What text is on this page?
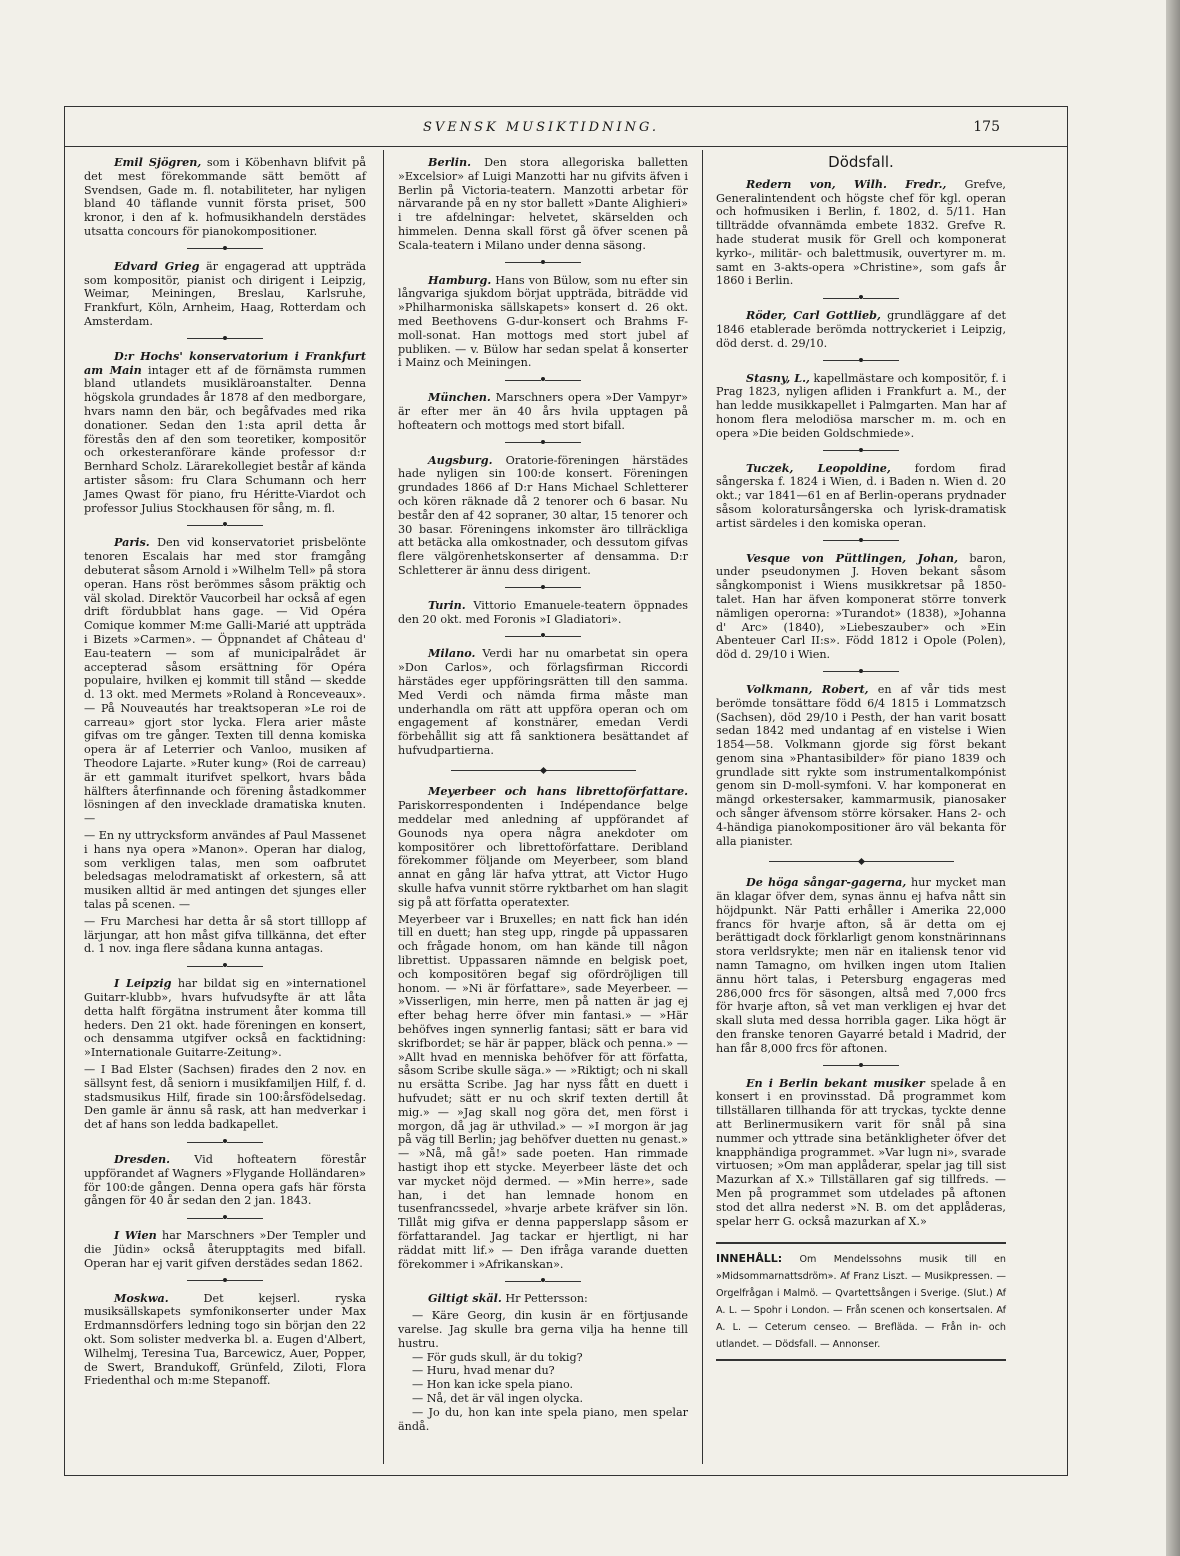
SVENSK MUSIKTIDNING.	175

Emil Sjögren, som i Köbenhavn blifvit på det mest förekommande sätt bemött af Svendsen, Gade m. fl. notabiliteter, har nyligen bland 40 täflande vunnit första priset, 500 kronor, i den af k. hofmusikhandeln derstädes utsatta concours för pianokompositioner.

Edvard Grieg är engagerad att uppträda som kompositör, pianist och dirigent i Leipzig, Weimar, Meiningen, Breslau, Karlsruhe, Frankfurt, Köln, Arnheim, Haag, Rotterdam och Amsterdam.

D:r Hochs' konservatorium i Frankfurt am Main intager ett af de förnämsta rummen bland utlandets musikläroanstalter. Denna högskola grundades år 1878 af den medborgare, hvars namn den bär, och begåfvades med rika donationer. Sedan den 1:sta april detta år förestås den af den som teoretiker, kompositör och orkesteranförare kände professor d:r Bernhard Scholz. Lärarekollegiet består af kända artister såsom: fru Clara Schumann och herr James Qwast för piano, fru Héritte-Viardot och professor Julius Stockhausen för sång, m. fl.

Paris. Den vid konservatoriet prisbelönte tenoren Escalais har med stor framgång debuterat såsom Arnold i »Wilhelm Tell» på stora operan. Hans röst berömmes såsom präktig och väl skolad. Direktör Vaucorbeil har också af egen drift fördubblat hans gage. — Vid Opéra Comique kommer M:me Galli-Marié att uppträda i Bizets »Carmen». — Öppnandet af Château d' Eau-teatern — som af municipalrådet är accepterad såsom ersättning för Opéra populaire, hvilken ej kommit till stånd — skedde d. 13 okt. med Mermets »Roland à Ronceveaux». — På Nouveautés har treaktsoperan »Le roi de carreau» gjort stor lycka. Flera arier måste gifvas om tre gånger. Texten till denna komiska opera är af Leterrier och Vanloo, musiken af Theodore Lajarte. »Ruter kung» (Roi de carreau) är ett gammalt iturifvet spelkort, hvars båda hälfters återfinnande och förening åstadkommer lösningen af den invecklade dramatiska knuten. —

— En ny uttrycksform användes af Paul Massenet i hans nya opera »Manon». Operan har dialog, som verkligen talas, men som oafbrutet beledsagas melodramatiskt af orkestern, så att musiken alltid är med antingen det sjunges eller talas på scenen. —

— Fru Marchesi har detta år så stort tilllopp af lärjungar, att hon måst gifva tillkänna, det efter d. 1 nov. inga flere sådana kunna antagas.

I Leipzig har bildat sig en »internationel Guitarr-klubb», hvars hufvudsyfte är att låta detta halft förgätna instrument åter komma till heders. Den 21 okt. hade föreningen en konsert, och densamma utgifver också en facktidning: »Internationale Guitarre-Zeitung».

— I Bad Elster (Sachsen) firades den 2 nov. en sällsynt fest, då seniorn i musikfamiljen Hilf, f. d. stadsmusikus Hilf, firade sin 100:årsfödelsedag. Den gamle är ännu så rask, att han medverkar i det af hans son ledda badkapellet.

Dresden. Vid hofteatern förestår uppförandet af Wagners »Flygande Holländaren» för 100:de gången. Denna opera gafs här första gången för 40 år sedan den 2 jan. 1843.

I Wien har Marschners »Der Templer und die Jüdin» också återupptagits med bifall. Operan har ej varit gifven derstädes sedan 1862.

Moskwa. Det kejserl. ryska musiksällskapets symfonikonserter under Max Erdmannsdörfers ledning togo sin början den 22 okt. Som solister medverka bl. a. Eugen d'Albert, Wilhelmj, Teresina Tua, Barcewicz, Auer, Popper, de Swert, Brandukoff, Grünfeld, Ziloti, Flora Friedenthal och m:me Stepanoff.

Berlin. Den stora allegoriska balletten »Excelsior» af Luigi Manzotti har nu gifvits äfven i Berlin på Victoria-teatern. Manzotti arbetar för närvarande på en ny stor ballett »Dante Alighieri» i tre afdelningar: helvetet, skärselden och himmelen. Denna skall först gå öfver scenen på Scala-teatern i Milano under denna säsong.

Hamburg. Hans von Bülow, som nu efter sin långvariga sjukdom börjat uppträda, biträdde vid »Philharmoniska sällskapets» konsert d. 26 okt. med Beethovens G-dur-konsert och Brahms F-moll-sonat. Han mottogs med stort jubel af publiken. — v. Bülow har sedan spelat å konserter i Mainz och Meiningen.

München. Marschners opera »Der Vampyr» är efter mer än 40 års hvila upptagen på hofteatern och mottogs med stort bifall.

Augsburg. Oratorie-föreningen härstädes hade nyligen sin 100:de konsert. Föreningen grundades 1866 af D:r Hans Michael Schletterer och kören räknade då 2 tenorer och 6 basar. Nu består den af 42 sopraner, 30 altar, 15 tenorer och 30 basar. Föreningens inkomster äro tillräckliga att betäcka alla omkostnader, och dessutom gifvas flere välgörenhetskonserter af densamma. D:r Schletterer är ännu dess dirigent.

Turin. Vittorio Emanuele-teatern öppnades den 20 okt. med Foronis »I Gladiatori».

Milano. Verdi har nu omarbetat sin opera »Don Carlos», och förlagsfirman Riccordi härstädes eger uppföringsrätten till den samma. Med Verdi och nämda firma måste man underhandla om rätt att uppföra operan och om engagement af konstnärer, emedan Verdi förbehållit sig att få sanktionera besättandet af hufvudpartierna.

Meyerbeer och hans librettoförfattare. Pariskorrespondenten i Indépendance belge meddelar med anledning af uppförandet af Gounods nya opera några anekdoter om kompositörer och librettoförfattare. Deribland förekommer följande om Meyerbeer, som bland annat en gång lär hafva yttrat, att Victor Hugo skulle hafva vunnit större ryktbarhet om han slagit sig på att författa operatexter.

Meyerbeer var i Bruxelles; en natt fick han idén till en duett; han steg upp, ringde på uppassaren och frågade honom, om han kände till någon librettist. Uppassaren nämnde en belgisk poet, och kompositören begaf sig ofördröjligen till honom. — »Ni är författare», sade Meyerbeer. — »Visserligen, min herre, men på natten är jag ej efter behag herre öfver min fantasi.» — »Här behöfves ingen synnerlig fantasi; sätt er bara vid skrifbordet; se här är papper, bläck och penna.» — »Allt hvad en menniska behöfver för att författa, såsom Scribe skulle säga.» — »Riktigt; och ni skall nu ersätta Scribe. Jag har nyss fått en duett i hufvudet; sätt er nu och skrif texten dertill åt mig.» — »Jag skall nog göra det, men först i morgon, då jag är uthvilad.» — »I morgon är jag på väg till Berlin; jag behöfver duetten nu genast.» — »Nå, må gå!» sade poeten. Han rimmade hastigt ihop ett stycke. Meyerbeer läste det och var mycket nöjd dermed. — »Min herre», sade han, i det han lemnade honom en tusenfrancssedel, »hvarje arbete kräfver sin lön. Tillåt mig gifva er denna papperslapp såsom er författarandel. Jag tackar er hjertligt, ni har räddat mitt lif.» — Den ifråga varande duetten förekommer i »Afrikanskan».

Giltigt skäl. Hr Pettersson:

— Käre Georg, din kusin är en förtjusande varelse. Jag skulle bra gerna vilja ha henne till hustru.
— För guds skull, är du tokig?
— Huru, hvad menar du?
— Hon kan icke spela piano.
— Nå, det är väl ingen olycka.
— Jo du, hon kan inte spela piano, men spelar ändå.

Dödsfall.

Redern von, Wilh. Fredr., Grefve, Generalintendent och högste chef för kgl. operan och hofmusiken i Berlin, f. 1802, d. 5/11. Han tillträdde ofvannämda embete 1832. Grefve R. hade studerat musik för Grell och komponerat kyrko-, militär- och balettmusik, ouvertyrer m. m. samt en 3-akts-opera »Christine», som gafs år 1860 i Berlin.

Röder, Carl Gottlieb, grundläggare af det 1846 etablerade berömda nottryckeriet i Leipzig, död derst. d. 29/10.

Stasny, L., kapellmästare och kompositör, f. i Prag 1823, nyligen afliden i Frankfurt a. M., der han ledde musikkapellet i Palmgarten. Man har af honom flera melodiösa marscher m. m. och en opera »Die beiden Goldschmiede».

Tuczek, Leopoldine, fordom firad sångerska f. 1824 i Wien, d. i Baden n. Wien d. 20 okt.; var 1841—61 en af Berlin-operans prydnader såsom koloratursångerska och lyrisk-dramatisk artist särdeles i den komiska operan.

Vesque von Püttlingen, Johan, baron, under pseudonymen J. Hoven bekant såsom sångkomponist i Wiens musikkretsar på 1850-talet. Han har äfven komponerat större tonverk nämligen operorna: »Turandot» (1838), »Johanna d' Arc» (1840), »Liebeszauber» och »Ein Abenteuer Carl II:s». Född 1812 i Opole (Polen), död d. 29/10 i Wien.

Volkmann, Robert, en af vår tids mest berömde tonsättare född 6/4 1815 i Lommatzsch (Sachsen), död 29/10 i Pesth, der han varit bosatt sedan 1842 med undantag af en vistelse i Wien 1854—58. Volkmann gjorde sig först bekant genom sina »Phantasibilder» för piano 1839 och grundlade sitt rykte som instrumentalkompónist genom sin D-moll-symfoni. V. har komponerat en mängd orkestersaker, kammarmusik, pianosaker och sånger äfvensom större körsaker. Hans 2- och 4-händiga pianokompositioner äro väl bekanta för alla pianister.

De höga sångar-gagerna, hur mycket man än klagar öfver dem, synas ännu ej hafva nått sin höjdpunkt. När Patti erhåller i Amerika 22,000 francs för hvarje afton, så är detta om ej berättigadt dock förklarligt genom konstnärinnans stora verldsrykte; men när en italiensk tenor vid namn Tamagno, om hvilken ingen utom Italien ännu hört talas, i Petersburg engageras med 286,000 frcs för säsongen, altså med 7,000 frcs för hvarje afton, så vet man verkligen ej hvar det skall sluta med dessa horribla gager. Lika högt är den franske tenoren Gayarré betald i Madrid, der han får 8,000 frcs för aftonen.

En i Berlin bekant musiker spelade å en konsert i en provinsstad. Då programmet kom tillställaren tillhanda för att tryckas, tyckte denne att Berlinermusikern varit för snål på sina nummer och yttrade sina betänkligheter öfver det knapphändiga programmet. »Var lugn ni», svarade virtuosen; »Om man applåderar, spelar jag till sist Mazurkan af X.» Tillställaren gaf sig tillfreds. — Men på programmet som utdelades på aftonen stod det allra nederst »N. B. om det applåderas, spelar herr G. också mazurkan af X.»

INNEHÅLL: Om Mendelssohns musik till en »Midsommarnattsdröm». Af Franz Liszt. — Musikpressen. — Orgelfrågan i Malmö. — Qvartettsången i Sverige. (Slut.) Af A. L. — Spohr i London. — Från scenen och konsertsalen. Af A. L. — Ceterum censeo. — Brefläda. — Från in- och utlandet. — Dödsfall. — Annonser.
